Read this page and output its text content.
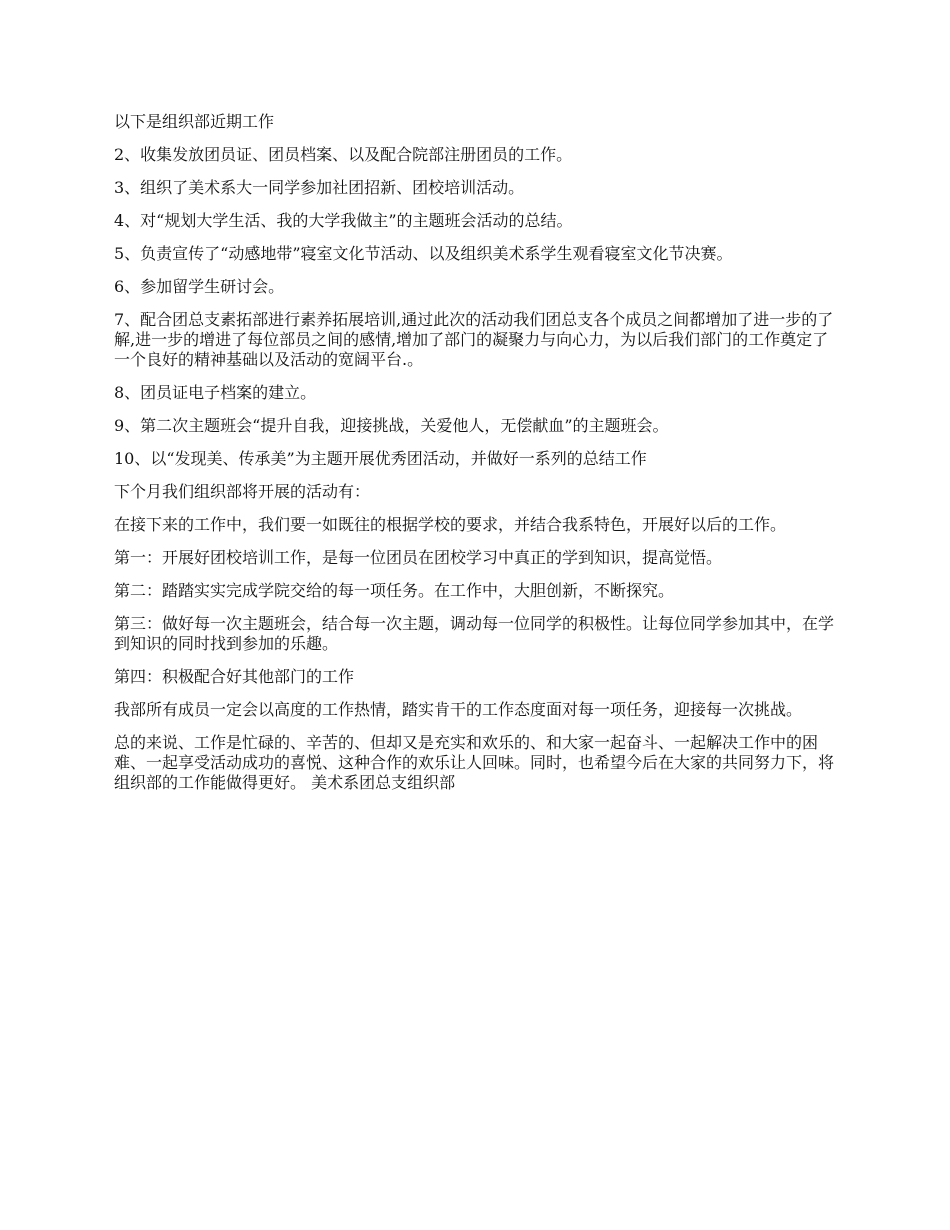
以下是组织部近期工作

2、收集发放团员证、团员档案、以及配合院部注册团员的工作。

3、组织了美术系大一同学参加社团招新、团校培训活动。

4、对“规划大学生活、我的大学我做主”的主题班会活动的总结。

5、负责宣传了“动感地带”寝室文化节活动、以及组织美术系学生观看寝室文化节决赛。

6、参加留学生研讨会。

7、配合团总支素拓部进行素养拓展培训,通过此次的活动我们团总支各个成员之间都增加了进一步的了解,进一步的增进了每位部员之间的感情,增加了部门的凝聚力与向心力，为以后我们部门的工作奠定了一个良好的精神基础以及活动的宽阔平台.。

8、团员证电子档案的建立。

9、第二次主题班会“提升自我，迎接挑战，关爱他人，无偿献血”的主题班会。

10、以“发现美、传承美”为主题开展优秀团活动，并做好一系列的总结工作

下个月我们组织部将开展的活动有：

在接下来的工作中，我们要一如既往的根据学校的要求，并结合我系特色，开展好以后的工作。

第一：开展好团校培训工作，是每一位团员在团校学习中真正的学到知识，提高觉悟。

第二：踏踏实实完成学院交给的每一项任务。在工作中，大胆创新，不断探究。

第三：做好每一次主题班会，结合每一次主题，调动每一位同学的积极性。让每位同学参加其中，在学到知识的同时找到参加的乐趣。

第四：积极配合好其他部门的工作

我部所有成员一定会以高度的工作热情，踏实肯干的工作态度面对每一项任务，迎接每一次挑战。

总的来说、工作是忙碌的、辛苦的、但却又是充实和欢乐的、和大家一起奋斗、一起解决工作中的困难、一起享受活动成功的喜悦、这种合作的欢乐让人回味。同时，也希望今后在大家的共同努力下，将组织部的工作能做得更好。 美术系团总支组织部
